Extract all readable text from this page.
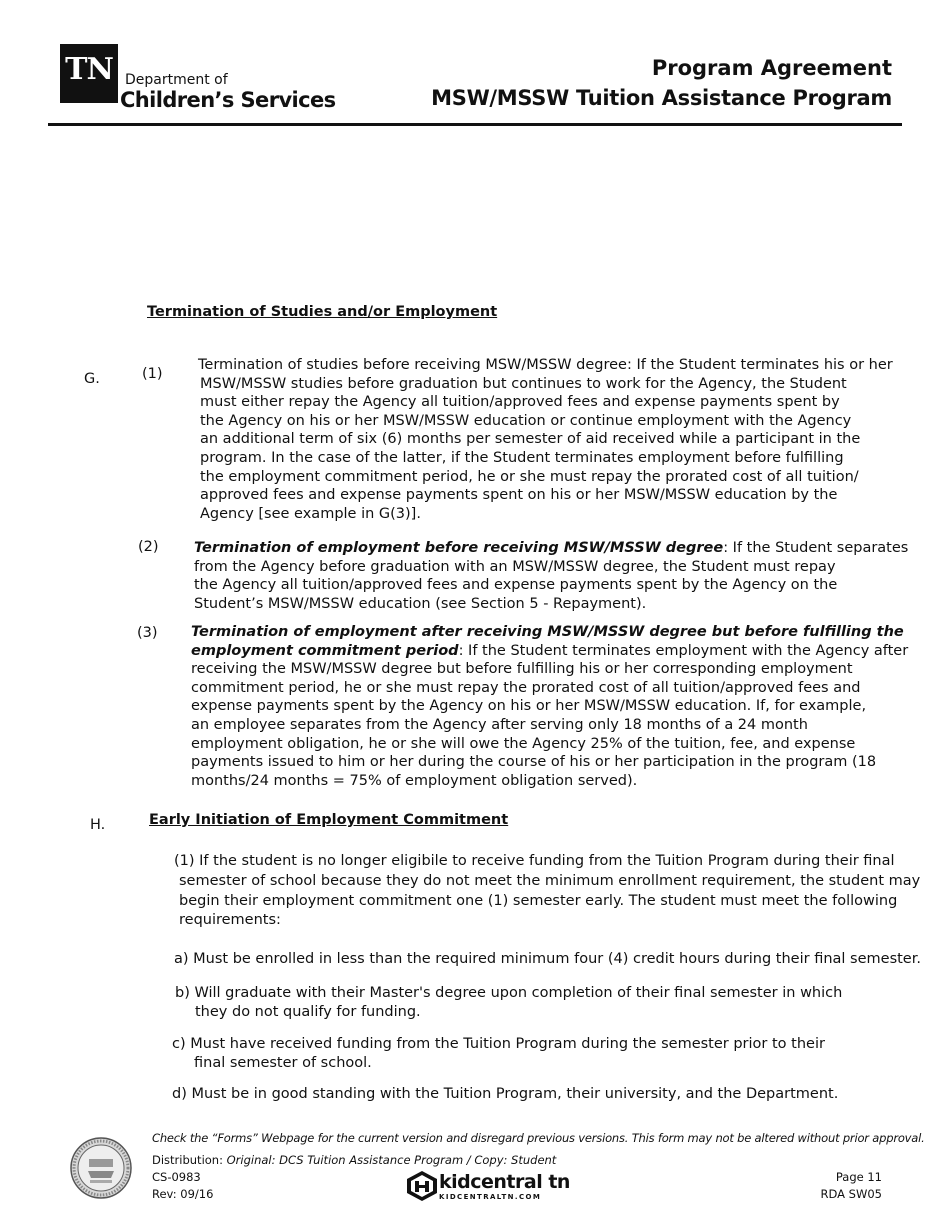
TN Department of
Children’s Services
Program Agreement
MSW/MSSW Tuition Assistance Program
Termination of Studies and/or Employment
G.	(1)
Termination of studies before receiving MSW/MSSW degree: If the Student terminates his or her
MSW/MSSW studies before graduation but continues to work for the Agency, the Student
must either repay the Agency all tuition/approved fees and expense payments spent by
the Agency on his or her MSW/MSSW education or continue employment with the Agency
an additional term of six (6) months per semester of aid received while a participant in the
program. In the case of the latter, if the Student terminates employment before fulfilling
the employment commitment period, he or she must repay the prorated cost of all tuition/
approved fees and expense payments spent on his or her MSW/MSSW education by the
Agency [see example in G(3)].
(2) Termination of employment before receiving MSW/MSSW degree: If the Student separates
from the Agency before graduation with an MSW/MSSW degree, the Student must repay
the Agency all tuition/approved fees and expense payments spent by the Agency on the
Student’s MSW/MSSW education (see Section 5 - Repayment).
(3) Termination of employment after receiving MSW/MSSW degree but before fulfilling the
employment commitment period: If the Student terminates employment with the Agency after
receiving the MSW/MSSW degree but before fulfilling his or her corresponding employment
commitment period, he or she must repay the prorated cost of all tuition/approved fees and
expense payments spent by the Agency on his or her MSW/MSSW education. If, for example,
an employee separates from the Agency after serving only 18 months of a 24 month
employment obligation, he or she will owe the Agency 25% of the tuition, fee, and expense
payments issued to him or her during the course of his or her participation in the program (18
months/24 months = 75% of employment obligation served).
H.	Early Initiation of Employment Commitment
(1) If the student is no longer eligibile to receive funding from the Tuition Program during their final
semester of school because they do not meet the minimum enrollment requirement, the student may
begin their employment commitment one (1) semester early. The student must meet the following
requirements:
a) Must be enrolled in less than the required minimum four (4) credit hours during their final semester.
b) Will graduate with their Master's degree upon completion of their final semester in which
they do not qualify for funding.
c) Must have received funding from the Tuition Program during the semester prior to their
final semester of school.
d) Must be in good standing with the Tuition Program, their university, and the Department.
Check the “Forms” Webpage for the current version and disregard previous versions. This form may not be altered without prior approval.
Distribution: Original: DCS Tuition Assistance Program / Copy: Student
CS-0983
Rev: 09/16
kidcentral tn
KIDCENTRALTN.COM
Page 11
RDA SW05
